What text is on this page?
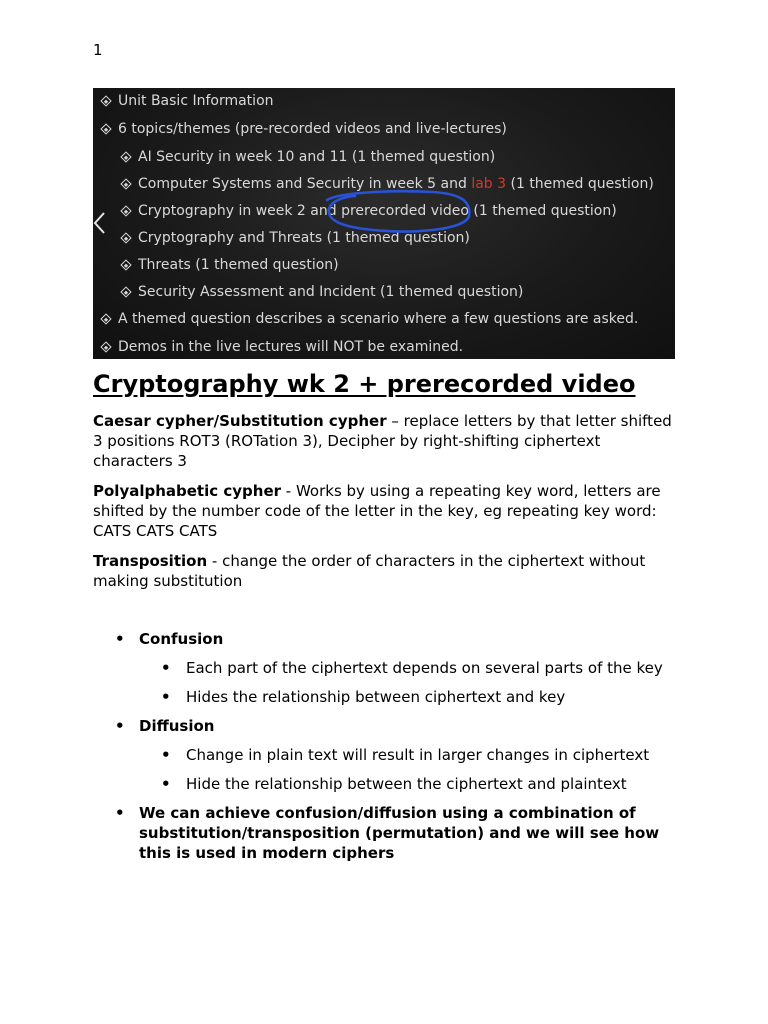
1
Unit Basic Information
6 topics/themes (pre-recorded videos and live-lectures)
AI Security in week 10 and 11 (1 themed question)
Computer Systems and Security in week 5 and lab 3 (1 themed question)
Cryptography in week 2 and prerecorded video (1 themed question)
Cryptography and Threats (1 themed question)
Threats (1 themed question)
Security Assessment and Incident (1 themed question)
A themed question describes a scenario where a few questions are asked.
Demos in the live lectures will NOT be examined.
Cryptography wk 2 + prerecorded video

Caesar cypher/Substitution cypher – replace letters by that letter shifted 3 positions ROT3 (ROTation 3), Decipher by right-shifting ciphertext characters 3

Polyalphabetic cypher - Works by using a repeating key word, letters are shifted by the number code of the letter in the key, eg repeating key word: CATS CATS CATS

Transposition - change the order of characters in the ciphertext without making substitution

• Confusion
• Each part of the ciphertext depends on several parts of the key
• Hides the relationship between ciphertext and key
• Diffusion
• Change in plain text will result in larger changes in ciphertext
• Hide the relationship between the ciphertext and plaintext
• We can achieve confusion/diffusion using a combination of substitution/transposition (permutation) and we will see how this is used in modern ciphers
